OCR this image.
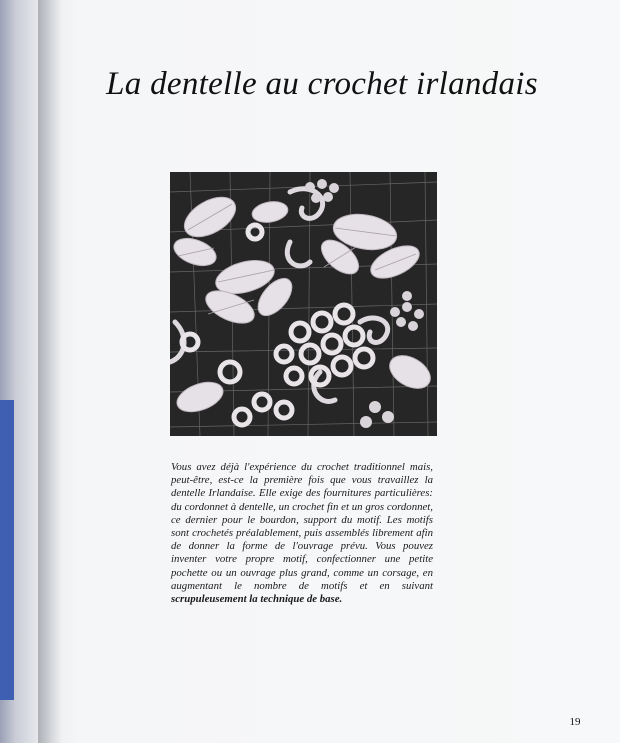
La dentelle au crochet irlandais
Vous avez déjà l'expérience du crochet traditionnel mais, peut-être, est-ce la première fois que vous travaillez la dentelle Irlandaise. Elle exige des fournitures particulières: du cordonnet à dentelle, un crochet fin et un gros cordonnet, ce dernier pour le bourdon, support du motif. Les motifs sont crochetés préalablement, puis assemblés librement afin de donner la forme de l'ouvrage prévu. Vous pouvez inventer votre propre motif, confectionner une petite pochette ou un ouvrage plus grand, comme un corsage, en augmentant le nombre de motifs et en suivant scrupuleusement la technique de base.
19
